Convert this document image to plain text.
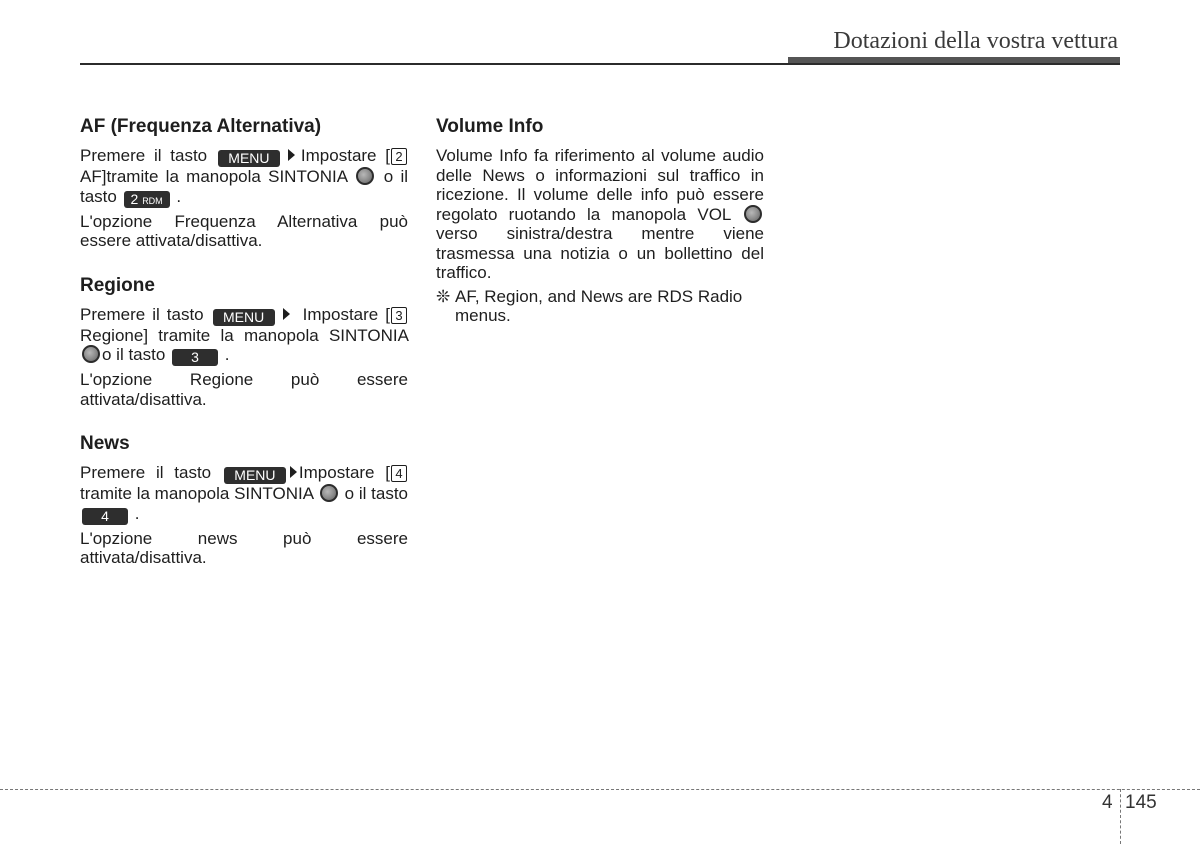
Dotazioni della vostra vettura
AF (Frequenza Alternativa)

Premere il tasto MENU Impostare [ 2AF]tramite la manopola SINTONIA o il tasto 2 RDM .

L'opzione Frequenza Alternativa può essere attivata/disattiva.

Regione

Premere il tasto MENU Impostare [ 3Regione] tramite la manopola SINTONIA o il tasto 3 .

L'opzione Regione può essere attivata/disattiva.

News

Premere il tasto MENU Impostare [ 4 tramite la manopola SINTONIA o il tasto 4 .

L'opzione news può essere attivata/disattiva.

Volume Info

Volume Info fa riferimento al volume audio delle News o informazioni sul traffico in ricezione. Il volume delle info può essere regolato ruotando la manopola VOL  verso sinistra/destra mentre viene trasmessa una notizia o un bollettino del traffico.

❊ AF, Region, and News are RDS Radio menus.
4 145
